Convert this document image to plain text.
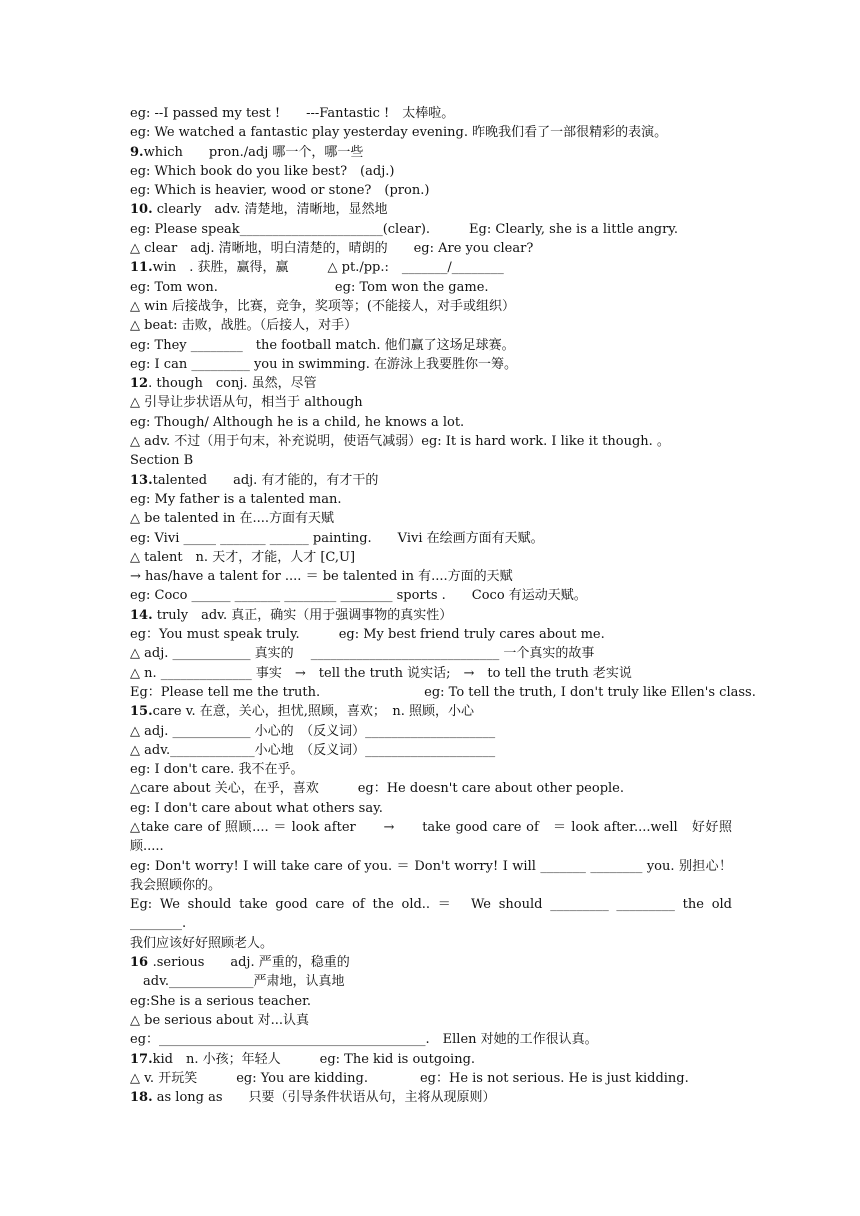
eg: --I passed my test !　　---Fantastic !　太棒啦。
eg: We watched a fantastic play yesterday evening. 昨晚我们看了一部很精彩的表演。
9.which　　pron./adj 哪一个，哪一些
eg: Which book do you like best?　(adj.)
eg: Which is heavier, wood or stone?　(pron.)
10. clearly　adv. 清楚地，清晰地，显然地
eg: Please speak______________________(clear).　　　Eg: Clearly, she is a little angry.
△ clear　adj. 清晰地，明白清楚的，晴朗的　　eg: Are you clear?
11.win　. 获胜，赢得，赢　　　△ pt./pp.:　_______/________
eg: Tom won.　　　　　　　　　eg: Tom won the game.
△ win 后接战争，比赛，竞争，奖项等；(不能接人，对手或组织）
△ beat: 击败，战胜。（后接人，对手）
eg: They ________　the football match. 他们赢了这场足球赛。
eg: I can _________ you in swimming. 在游泳上我要胜你一筹。
12. though　conj. 虽然，尽管
△ 引导让步状语从句，相当于 although
eg: Though/ Although he is a child, he knows a lot.
△ adv. 不过（用于句末，补充说明，使语气减弱）eg: It is hard work. I like it though. 。
Section B
13.talented　　adj. 有才能的，有才干的
eg: My father is a talented man.
△ be talented in 在....方面有天赋
eg: Vivi _____ _______ ______ painting.　　Vivi 在绘画方面有天赋。
△ talent　n. 天才，才能，人才 [C,U]
→ has/have a talent for .... ＝ be talented in 有....方面的天赋
eg: Coco ______ _______ ________ ________ sports .　　Coco 有运动天赋。
14. truly　adv. 真正，确实（用于强调事物的真实性）
eg：You must speak truly.　　　eg: My best friend truly cares about me.
△ adj. ____________ 真实的　 _____________________________ 一个真实的故事
△ n. ______________ 事实　→　tell the truth 说实话;　→　to tell the truth 老实说
Eg：Please tell me the truth.　　　　　　　　eg: To tell the truth, I don't truly like Ellen's class.
15.care v. 在意，关心，担忧,照顾，喜欢；　n. 照顾，小心
△ adj. ____________ 小心的　（反义词）____________________
△ adv._____________小心地　（反义词）____________________
eg: I don't care. 我不在乎。
△care about 关心，在乎，喜欢　　　eg：He doesn't care about other people.
eg: I don't care about what others say.
△take care of 照顾.... ＝ look after　　→　　take good care of　＝ look after....well　好好照
顾.....
eg: Don't worry! I will take care of you. ＝ Don't worry! I will _______ ________ you. 别担心！
我会照顾你的。
Eg: We should take good care of the old.. ＝　We should _________ _________ the old
________.
我们应该好好照顾老人。
16 .serious　　adj. 严重的，稳重的
　adv._____________严肃地，认真地
eg:She is a serious teacher.
△ be serious about 对...认真
eg：_________________________________________.　Ellen 对她的工作很认真。
17.kid　n. 小孩；年轻人　　　eg: The kid is outgoing.
△ v. 开玩笑　　　eg: You are kidding.　　　　eg：He is not serious. He is just kidding.
18. as long as　　只要（引导条件状语从句，主将从现原则）
